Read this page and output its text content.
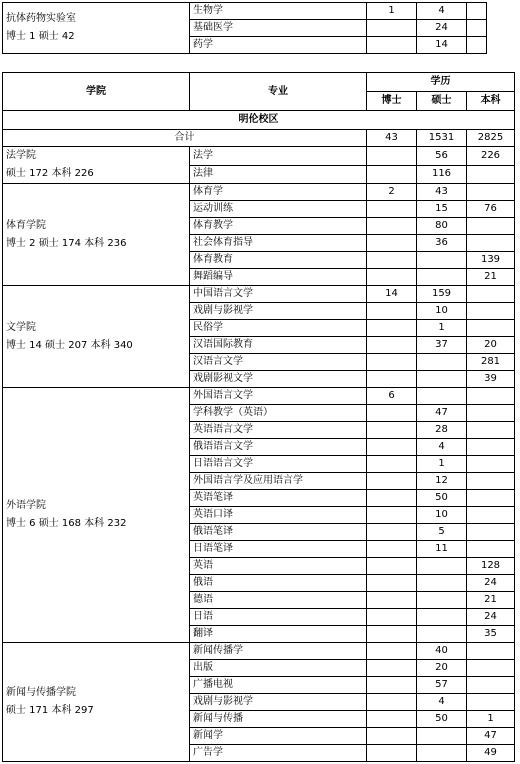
抗体药物实验室
博士 1 硕士 42	生物学	1	4	
	基础医学		24	
	药学		14	
学院	专业	学历		
		博士	硕士	本科
明伦校区				
合计		43	1531	2825

法学院
硕士 172 本科 226	法学		56	226
	法律		116	

体育学院
博士 2 硕士 174 本科 236	体育学	2	43	
	运动训练		15	76
	体育教学		80	
	社会体育指导		36	
	体育教育			139
	舞蹈编导			21

文学院
博士 14 硕士 207 本科 340	中国语言文学	14	159	
	戏剧与影视学		10	
	民俗学		1	
	汉语国际教育		37	20
	汉语言文学			281
	戏剧影视文学			39

外语学院
博士 6 硕士 168 本科 232	外国语言文学	6		
	学科教学（英语）		47	
	英语语言文学		28	
	俄语语言文学		4	
	日语语言文学		1	
	外国语言学及应用语言学		12	
	英语笔译		50	
	英语口译		10	
	俄语笔译		5	
	日语笔译		11	
	英语			128
	俄语			24
	德语			21
	日语			24
	翻译			35

新闻与传播学院
硕士 171 本科 297	新闻传播学		40	
	出版		20	
	广播电视		57	
	戏剧与影视学		4	
	新闻与传播		50	1
	新闻学			47
	广告学			49
